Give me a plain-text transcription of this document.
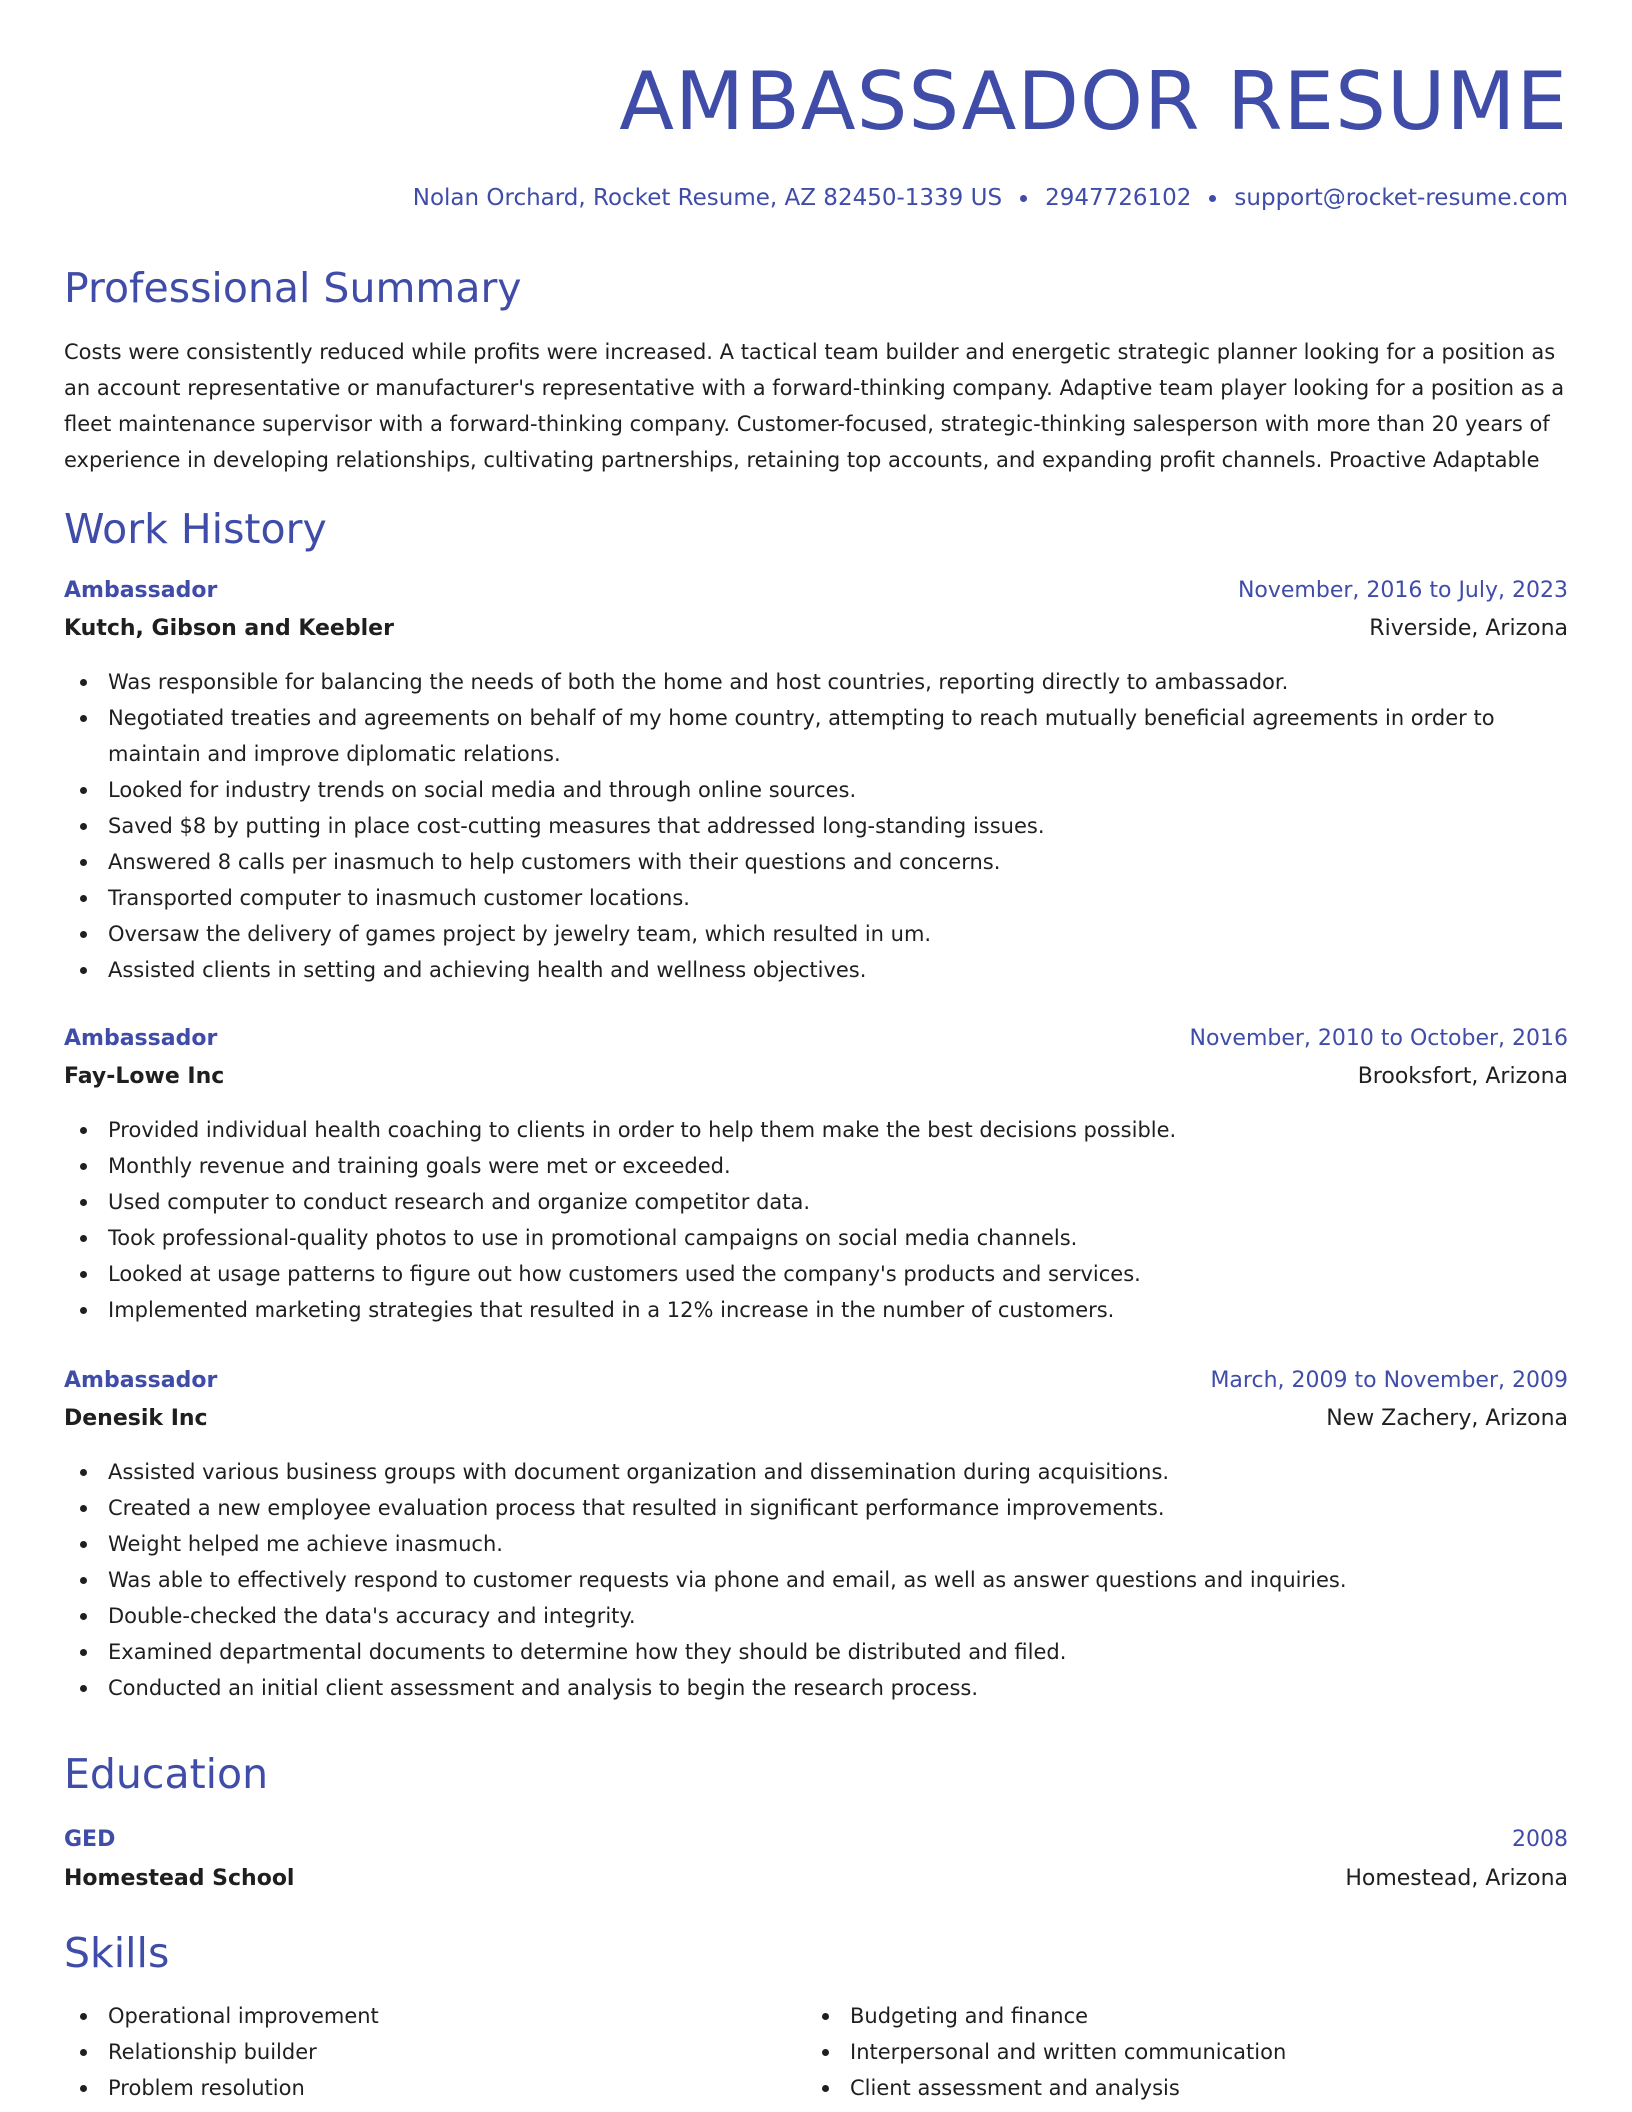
AMBASSADOR RESUME
Nolan Orchard, Rocket Resume, AZ 82450-1339 US 2947726102 support@rocket-resume.com
Professional Summary

Costs were consistently reduced while profits were increased. A tactical team builder and energetic strategic planner looking for a position as an account representative or manufacturer's representative with a forward-thinking company. Adaptive team player looking for a position as a fleet maintenance supervisor with a forward-thinking company. Customer-focused, strategic-thinking salesperson with more than 20 years of experience in developing relationships, cultivating partnerships, retaining top accounts, and expanding profit channels. Proactive Adaptable

Work History
Ambassador	November, 2016 to July, 2023
Kutch, Gibson and Keebler	Riverside, Arizona
Was responsible for balancing the needs of both the home and host countries, reporting directly to ambassador.
Negotiated treaties and agreements on behalf of my home country, attempting to reach mutually beneficial agreements in order to maintain and improve diplomatic relations.
Looked for industry trends on social media and through online sources.
Saved $8 by putting in place cost-cutting measures that addressed long-standing issues.
Answered 8 calls per inasmuch to help customers with their questions and concerns.
Transported computer to inasmuch customer locations.
Oversaw the delivery of games project by jewelry team, which resulted in um.
Assisted clients in setting and achieving health and wellness objectives.
Ambassador	November, 2010 to October, 2016
Fay-Lowe Inc	Brooksfort, Arizona
Provided individual health coaching to clients in order to help them make the best decisions possible.
Monthly revenue and training goals were met or exceeded.
Used computer to conduct research and organize competitor data.
Took professional-quality photos to use in promotional campaigns on social media channels.
Looked at usage patterns to figure out how customers used the company's products and services.
Implemented marketing strategies that resulted in a 12% increase in the number of customers.
Ambassador	March, 2009 to November, 2009
Denesik Inc	New Zachery, Arizona
Assisted various business groups with document organization and dissemination during acquisitions.
Created a new employee evaluation process that resulted in significant performance improvements.
Weight helped me achieve inasmuch.
Was able to effectively respond to customer requests via phone and email, as well as answer questions and inquiries.
Double-checked the data's accuracy and integrity.
Examined departmental documents to determine how they should be distributed and filed.
Conducted an initial client assessment and analysis to begin the research process.
Education
GED	2008
Homestead School	Homestead, Arizona
Skills
Operational improvement
Relationship builder
Problem resolution
Budgeting and finance
Interpersonal and written communication
Client assessment and analysis
